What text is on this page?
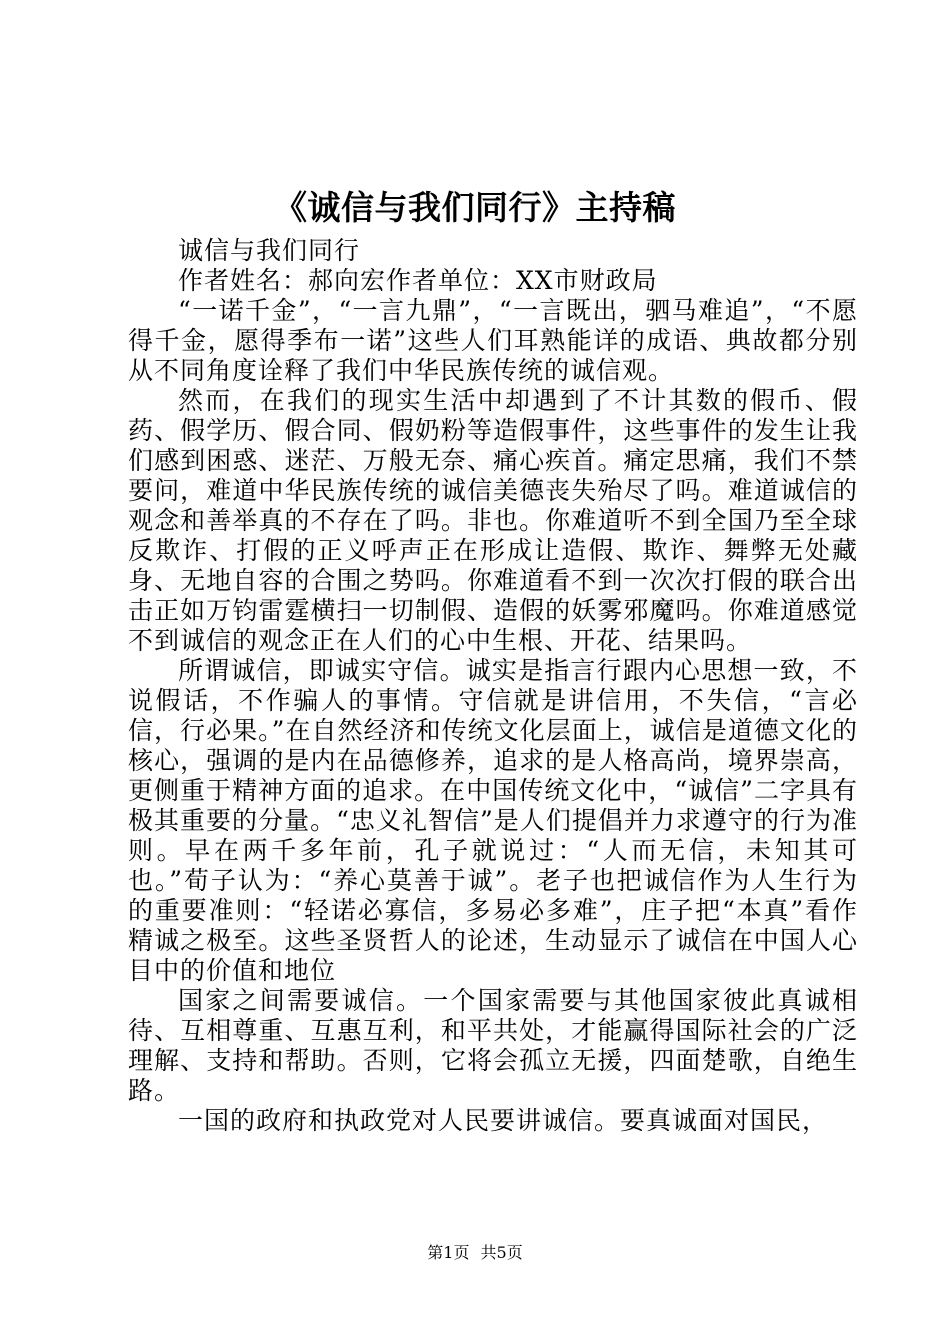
《诚信与我们同行》主持稿

诚信与我们同行

作者姓名：郝向宏作者单位：XX市财政局

“一诺千金”，“一言九鼎”，“一言既出，驷马难追”，“不愿得千金，愿得季布一诺”这些人们耳熟能详的成语、典故都分别从不同角度诠释了我们中华民族传统的诚信观。

然而，在我们的现实生活中却遇到了不计其数的假币、假药、假学历、假合同、假奶粉等造假事件，这些事件的发生让我们感到困惑、迷茫、万般无奈、痛心疾首。痛定思痛，我们不禁要问，难道中华民族传统的诚信美德丧失殆尽了吗。难道诚信的观念和善举真的不存在了吗。非也。你难道听不到全国乃至全球反欺诈、打假的正义呼声正在形成让造假、欺诈、舞弊无处藏身、无地自容的合围之势吗。你难道看不到一次次打假的联合出击正如万钧雷霆横扫一切制假、造假的妖雾邪魔吗。你难道感觉不到诚信的观念正在人们的心中生根、开花、结果吗。

所谓诚信，即诚实守信。诚实是指言行跟内心思想一致，不说假话，不作骗人的事情。守信就是讲信用，不失信，“言必信，行必果。”在自然经济和传统文化层面上，诚信是道德文化的核心，强调的是内在品德修养，追求的是人格高尚，境界崇高，更侧重于精神方面的追求。在中国传统文化中，“诚信”二字具有极其重要的分量。“忠义礼智信”是人们提倡并力求遵守的行为准则。早在两千多年前，孔子就说过：“人而无信，未知其可也。”荀子认为：“养心莫善于诚”。老子也把诚信作为人生行为的重要准则：“轻诺必寡信，多易必多难”，庄子把“本真”看作精诚之极至。这些圣贤哲人的论述，生动显示了诚信在中国人心目中的价值和地位

国家之间需要诚信。一个国家需要与其他国家彼此真诚相待、互相尊重、互惠互利，和平共处，才能赢得国际社会的广泛理解、支持和帮助。否则，它将会孤立无援，四面楚歌，自绝生路。

一国的政府和执政党对人民要讲诚信。要真诚面对国民，

第1页 共5页
